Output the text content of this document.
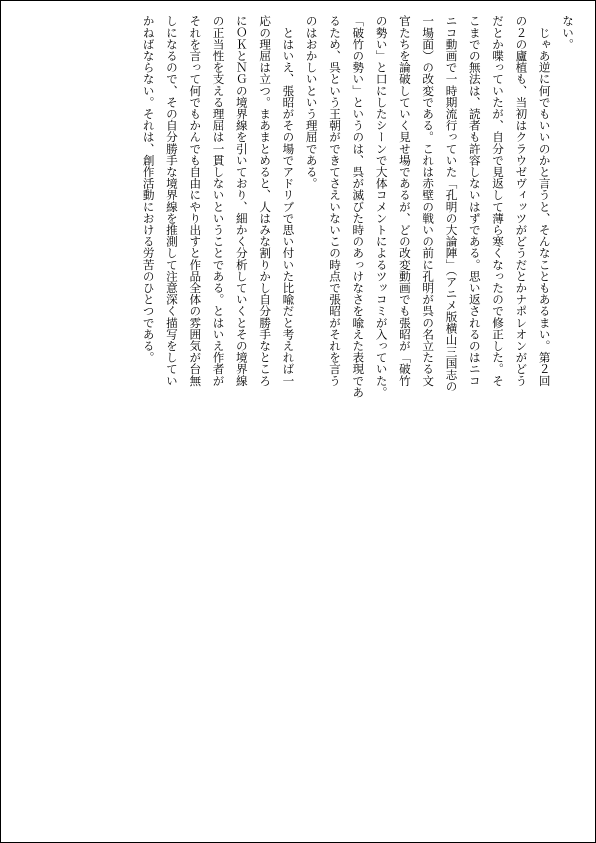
ない。
　じゃあ逆に何でもいいのかと言うと、そんなこともあるまい。第２回
の２の廬植も、当初はクラウゼヴィッツがどうだとかナポレオンがどう
だとか喋っていたが、自分で見返して薄ら寒くなったので修正した。そ
こまでの無法は、読者も許容しないはずである。思い返されるのはニコ
ニコ動画で一時期流行っていた「孔明の大論陣」（アニメ版横山三国志の
一場面）の改変である。これは赤壁の戦いの前に孔明が呉の名立たる文
官たちを論破していく見せ場であるが、どの改変動画でも張昭が「破竹
の勢い」と口にしたシーンで大体コメントによるツッコミが入っていた。
「破竹の勢い」というのは、呉が滅びた時のあっけなさを喩えた表現であ
るため、呉という王朝ができてさえいないこの時点で張昭がそれを言う
のはおかしいという理屈である。
　とはいえ、張昭がその場でアドリブで思い付いた比喩だと考えれば一
応の理屈は立つ。まあまとめると、人はみな割りかし自分勝手なところ
にＯＫとＮＧの境界線を引いており、細かく分析していくとその境界線
の正当性を支える理屈は一貫しないということである。とはいえ作者が
それを言って何でもかんでも自由にやり出すと作品全体の雰囲気が台無
しになるので、その自分勝手な境界線を推測して注意深く描写をしてい
かねばならない。それは、創作活動における労苦のひとつである。
